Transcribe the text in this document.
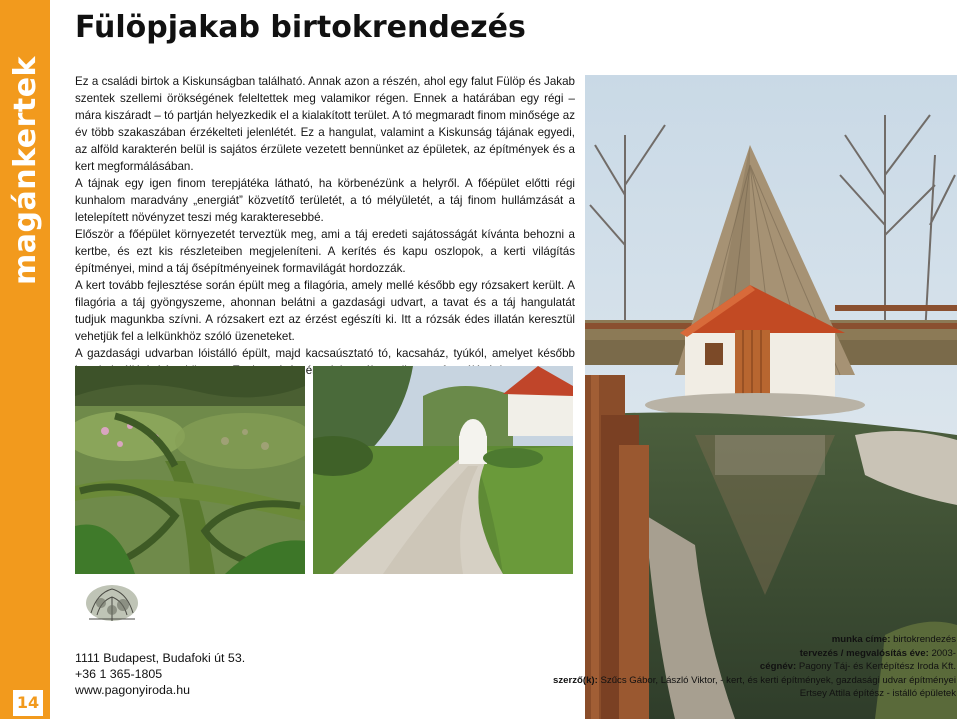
magánkertek
14
Fülöpjakab birtokrendezés

Ez a családi birtok a Kiskunságban található. Annak azon a részén, ahol egy falut Fülöp és Jakab szentek szellemi örökségének feleltettek meg valamikor régen. Ennek a határában egy régi – mára kiszáradt – tó partján helyezkedik el a kialakított terület. A tó megmaradt finom minősége az év több szakaszában érzékelteti jelenlétét. Ez a hangulat, valamint a Kiskunság tájának egyedi, az alföld karakterén belül is sajátos érzülete vezetett bennünket az épületek, az építmények és a kert megformálásában.

A tájnak egy igen finom terepjátéka látható, ha körbenézünk a helyről. A főépület előtti régi kunhalom maradvány „energiát” közvetítő területét, a tó mélyületét, a táj finom hullámzását a letelepített növényzet teszi még karakteresebbé.

Először a főépület környezetét terveztük meg, ami a táj eredeti sajátosságát kívánta behozni a kertbe, és ezt kis részleteiben megjeleníteni. A kerítés és kapu oszlopok, a kerti világítás építményei, mind a táj ősépítményeinek formavilágát hordozzák.

A kert tovább fejlesztése során épült meg a filagória, amely mellé később egy rózsakert került. A filagória a táj gyöngyszeme, ahonnan belátni a gazdasági udvart, a tavat és a táj hangulatát tudjuk magunkba szívni. A rózsakert ezt az érzést egészíti ki. Itt a rózsák édes illatán keresztül vehetjük fel a lelkünkhöz szóló üzeneteket.

A gazdasági udvarban lóistálló épült, majd kacsaúsztató tó, kacsaház, tyúkól, amelyet később építmények

1111 Budapest, Budafoki út 53.
+36 1 365-1805
www.pagonyiroda.hu
munka címe: birtokrendezés
tervezés / megvalósítás éve: 2003-
cégnév: Pagony Táj- és Kertépítész Iroda Kft.
szerző(k): Szűcs Gábor, László Viktor, - kert, és kerti építmények, gazdasági udvar építményei
Ertsey Attila építész - istálló épületek
